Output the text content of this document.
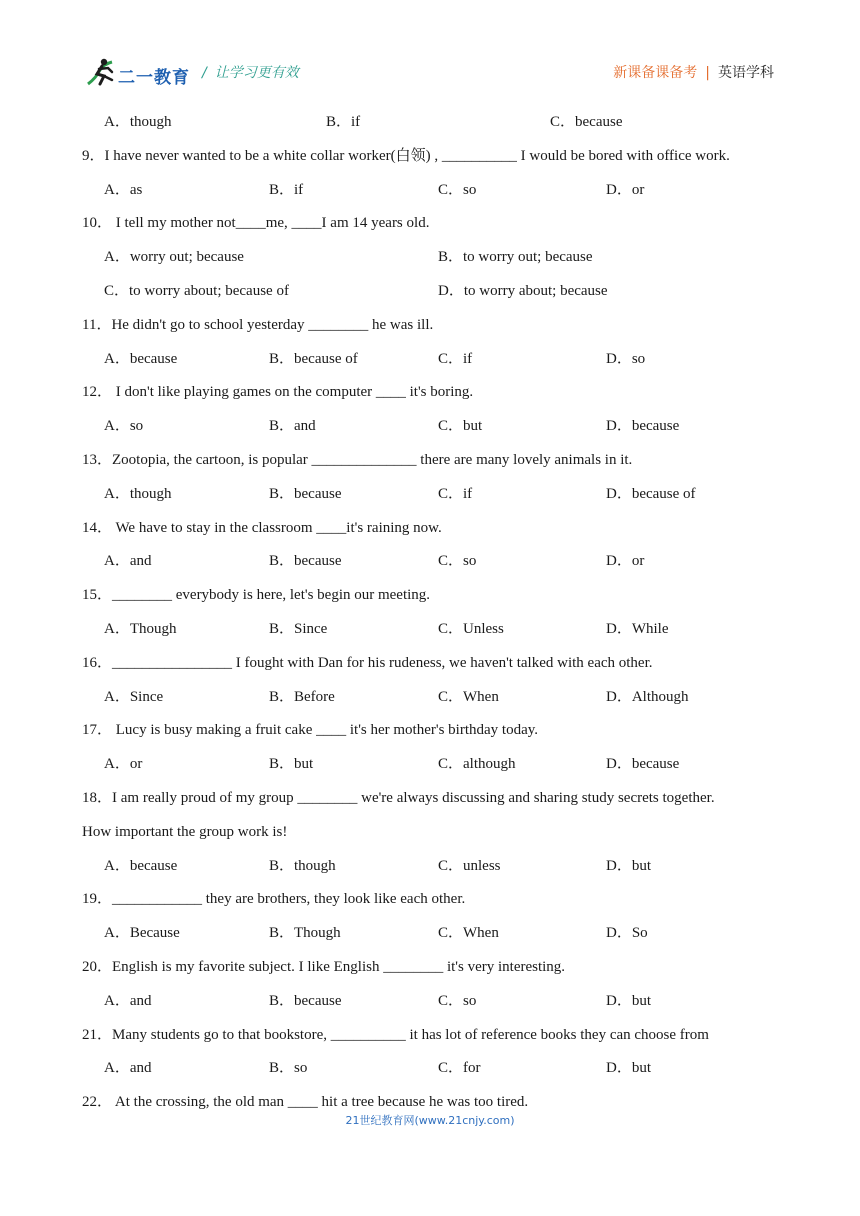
二一教育 / 让学习更有效	新课备课备考 | 英语学科
A．though	B．if	C．because
9．I have never wanted to be a white collar worker(白领) , __________ I would be bored with office work.
A．as	B．if	C．so	D．or
10． I tell my mother not____me, ____I am 14 years old.
A．worry out; because	B．to worry out; because
C．to worry about; because of	D．to worry about; because
11．He didn't go to school yesterday ________ he was ill.
A．because	B．because of	C．if	D．so
12． I don't like playing games on the computer ____ it's boring.
A．so	B．and	C．but	D．because
13．Zootopia, the cartoon, is popular ______________ there are many lovely animals in it.
A．though	B．because	C．if	D．because of
14． We have to stay in the classroom ____it's raining now.
A．and	B．because	C．so	D．or
15．________ everybody is here, let's begin our meeting.
A．Though	B．Since	C．Unless	D．While
16．________________ I fought with Dan for his rudeness, we haven't talked with each other.
A．Since	B．Before	C．When	D．Although
17． Lucy is busy making a fruit cake ____ it's her mother's birthday today.
A．or	B．but	C．although	D．because
18．I am really proud of my group ________ we're always discussing and sharing study secrets together.
How important the group work is!
A．because	B．though	C．unless	D．but
19．____________ they are brothers, they look like each other.
A．Because	B．Though	C．When	D．So
20．English is my favorite subject. I like English ________ it's very interesting.
A．and	B．because	C．so	D．but
21．Many students go to that bookstore, __________ it has lot of reference books they can choose from
A．and	B．so	C．for	D．but
22． At the crossing, the old man ____ hit a tree because he was too tired.
21世纪教育网(www.21cnjy.com)
